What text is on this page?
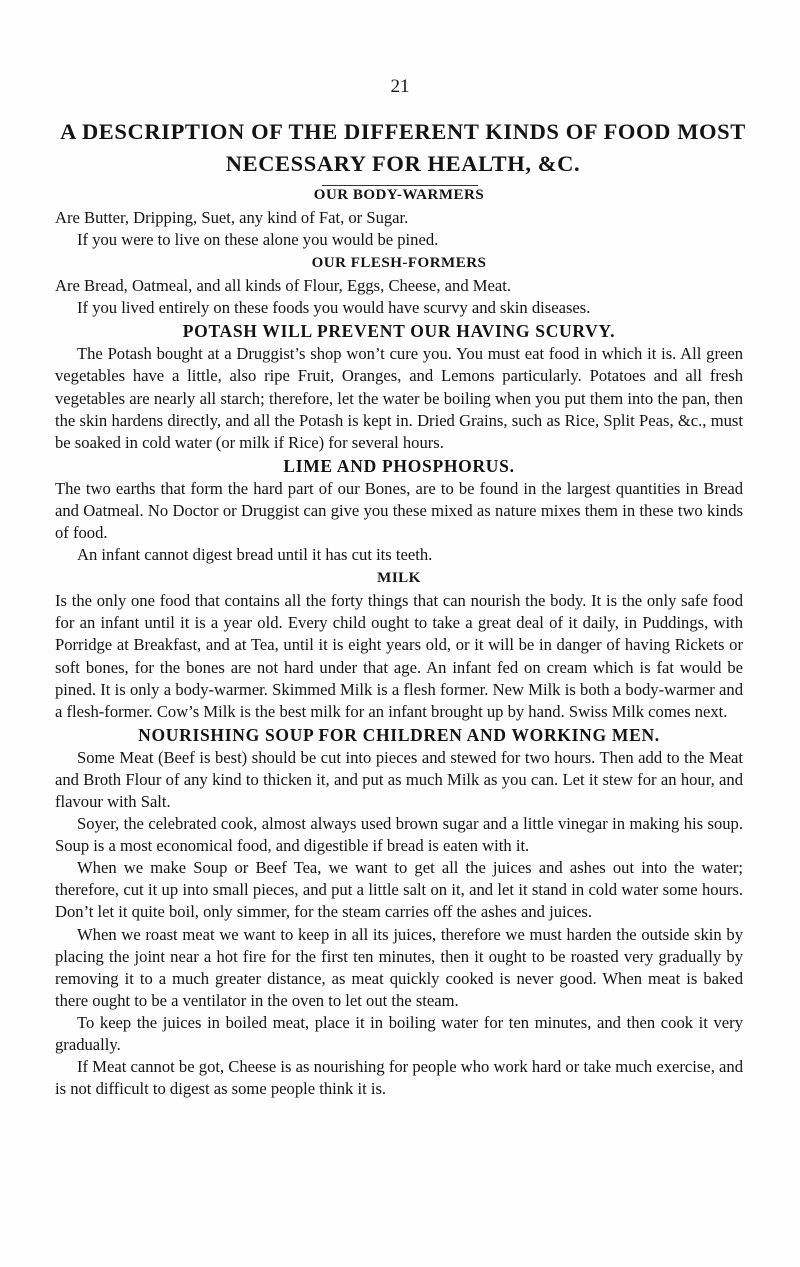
21
A DESCRIPTION OF THE DIFFERENT KINDS OF FOOD MOST NECESSARY FOR HEALTH, &C.
OUR BODY-WARMERS

Are Butter, Dripping, Suet, any kind of Fat, or Sugar.

If you were to live on these alone you would be pined.

OUR FLESH-FORMERS

Are Bread, Oatmeal, and all kinds of Flour, Eggs, Cheese, and Meat.

If you lived entirely on these foods you would have scurvy and skin diseases.

POTASH WILL PREVENT OUR HAVING SCURVY.

The Potash bought at a Druggist’s shop won’t cure you. You must eat food in which it is. All green vegetables have a little, also ripe Fruit, Oranges, and Lemons particularly. Potatoes and all fresh vegetables are nearly all starch; therefore, let the water be boiling when you put them into the pan, then the skin hardens directly, and all the Potash is kept in. Dried Grains, such as Rice, Split Peas, &c., must be soaked in cold water (or milk if Rice) for several hours.

LIME AND PHOSPHORUS.

The two earths that form the hard part of our Bones, are to be found in the largest quantities in Bread and Oatmeal. No Doctor or Druggist can give you these mixed as nature mixes them in these two kinds of food.

An infant cannot digest bread until it has cut its teeth.

MILK

Is the only one food that contains all the forty things that can nourish the body. It is the only safe food for an infant until it is a year old. Every child ought to take a great deal of it daily, in Puddings, with Porridge at Breakfast, and at Tea, until it is eight years old, or it will be in danger of having Rickets or soft bones, for the bones are not hard under that age. An infant fed on cream which is fat would be pined. It is only a body-warmer. Skimmed Milk is a flesh former. New Milk is both a body-warmer and a flesh-former. Cow’s Milk is the best milk for an infant brought up by hand. Swiss Milk comes next.

NOURISHING SOUP FOR CHILDREN AND WORKING MEN.

Some Meat (Beef is best) should be cut into pieces and stewed for two hours. Then add to the Meat and Broth Flour of any kind to thicken it, and put as much Milk as you can. Let it stew for an hour, and flavour with Salt.

Soyer, the celebrated cook, almost always used brown sugar and a little vinegar in making his soup. Soup is a most economical food, and digestible if bread is eaten with it.

When we make Soup or Beef Tea, we want to get all the juices and ashes out into the water; therefore, cut it up into small pieces, and put a little salt on it, and let it stand in cold water some hours. Don’t let it quite boil, only simmer, for the steam carries off the ashes and juices.

When we roast meat we want to keep in all its juices, therefore we must harden the outside skin by placing the joint near a hot fire for the first ten minutes, then it ought to be roasted very gradually by removing it to a much greater distance, as meat quickly cooked is never good. When meat is baked there ought to be a ventilator in the oven to let out the steam.

To keep the juices in boiled meat, place it in boiling water for ten minutes, and then cook it very gradually.

If Meat cannot be got, Cheese is as nourishing for people who work hard or take much exercise, and is not difficult to digest as some people think it is.
